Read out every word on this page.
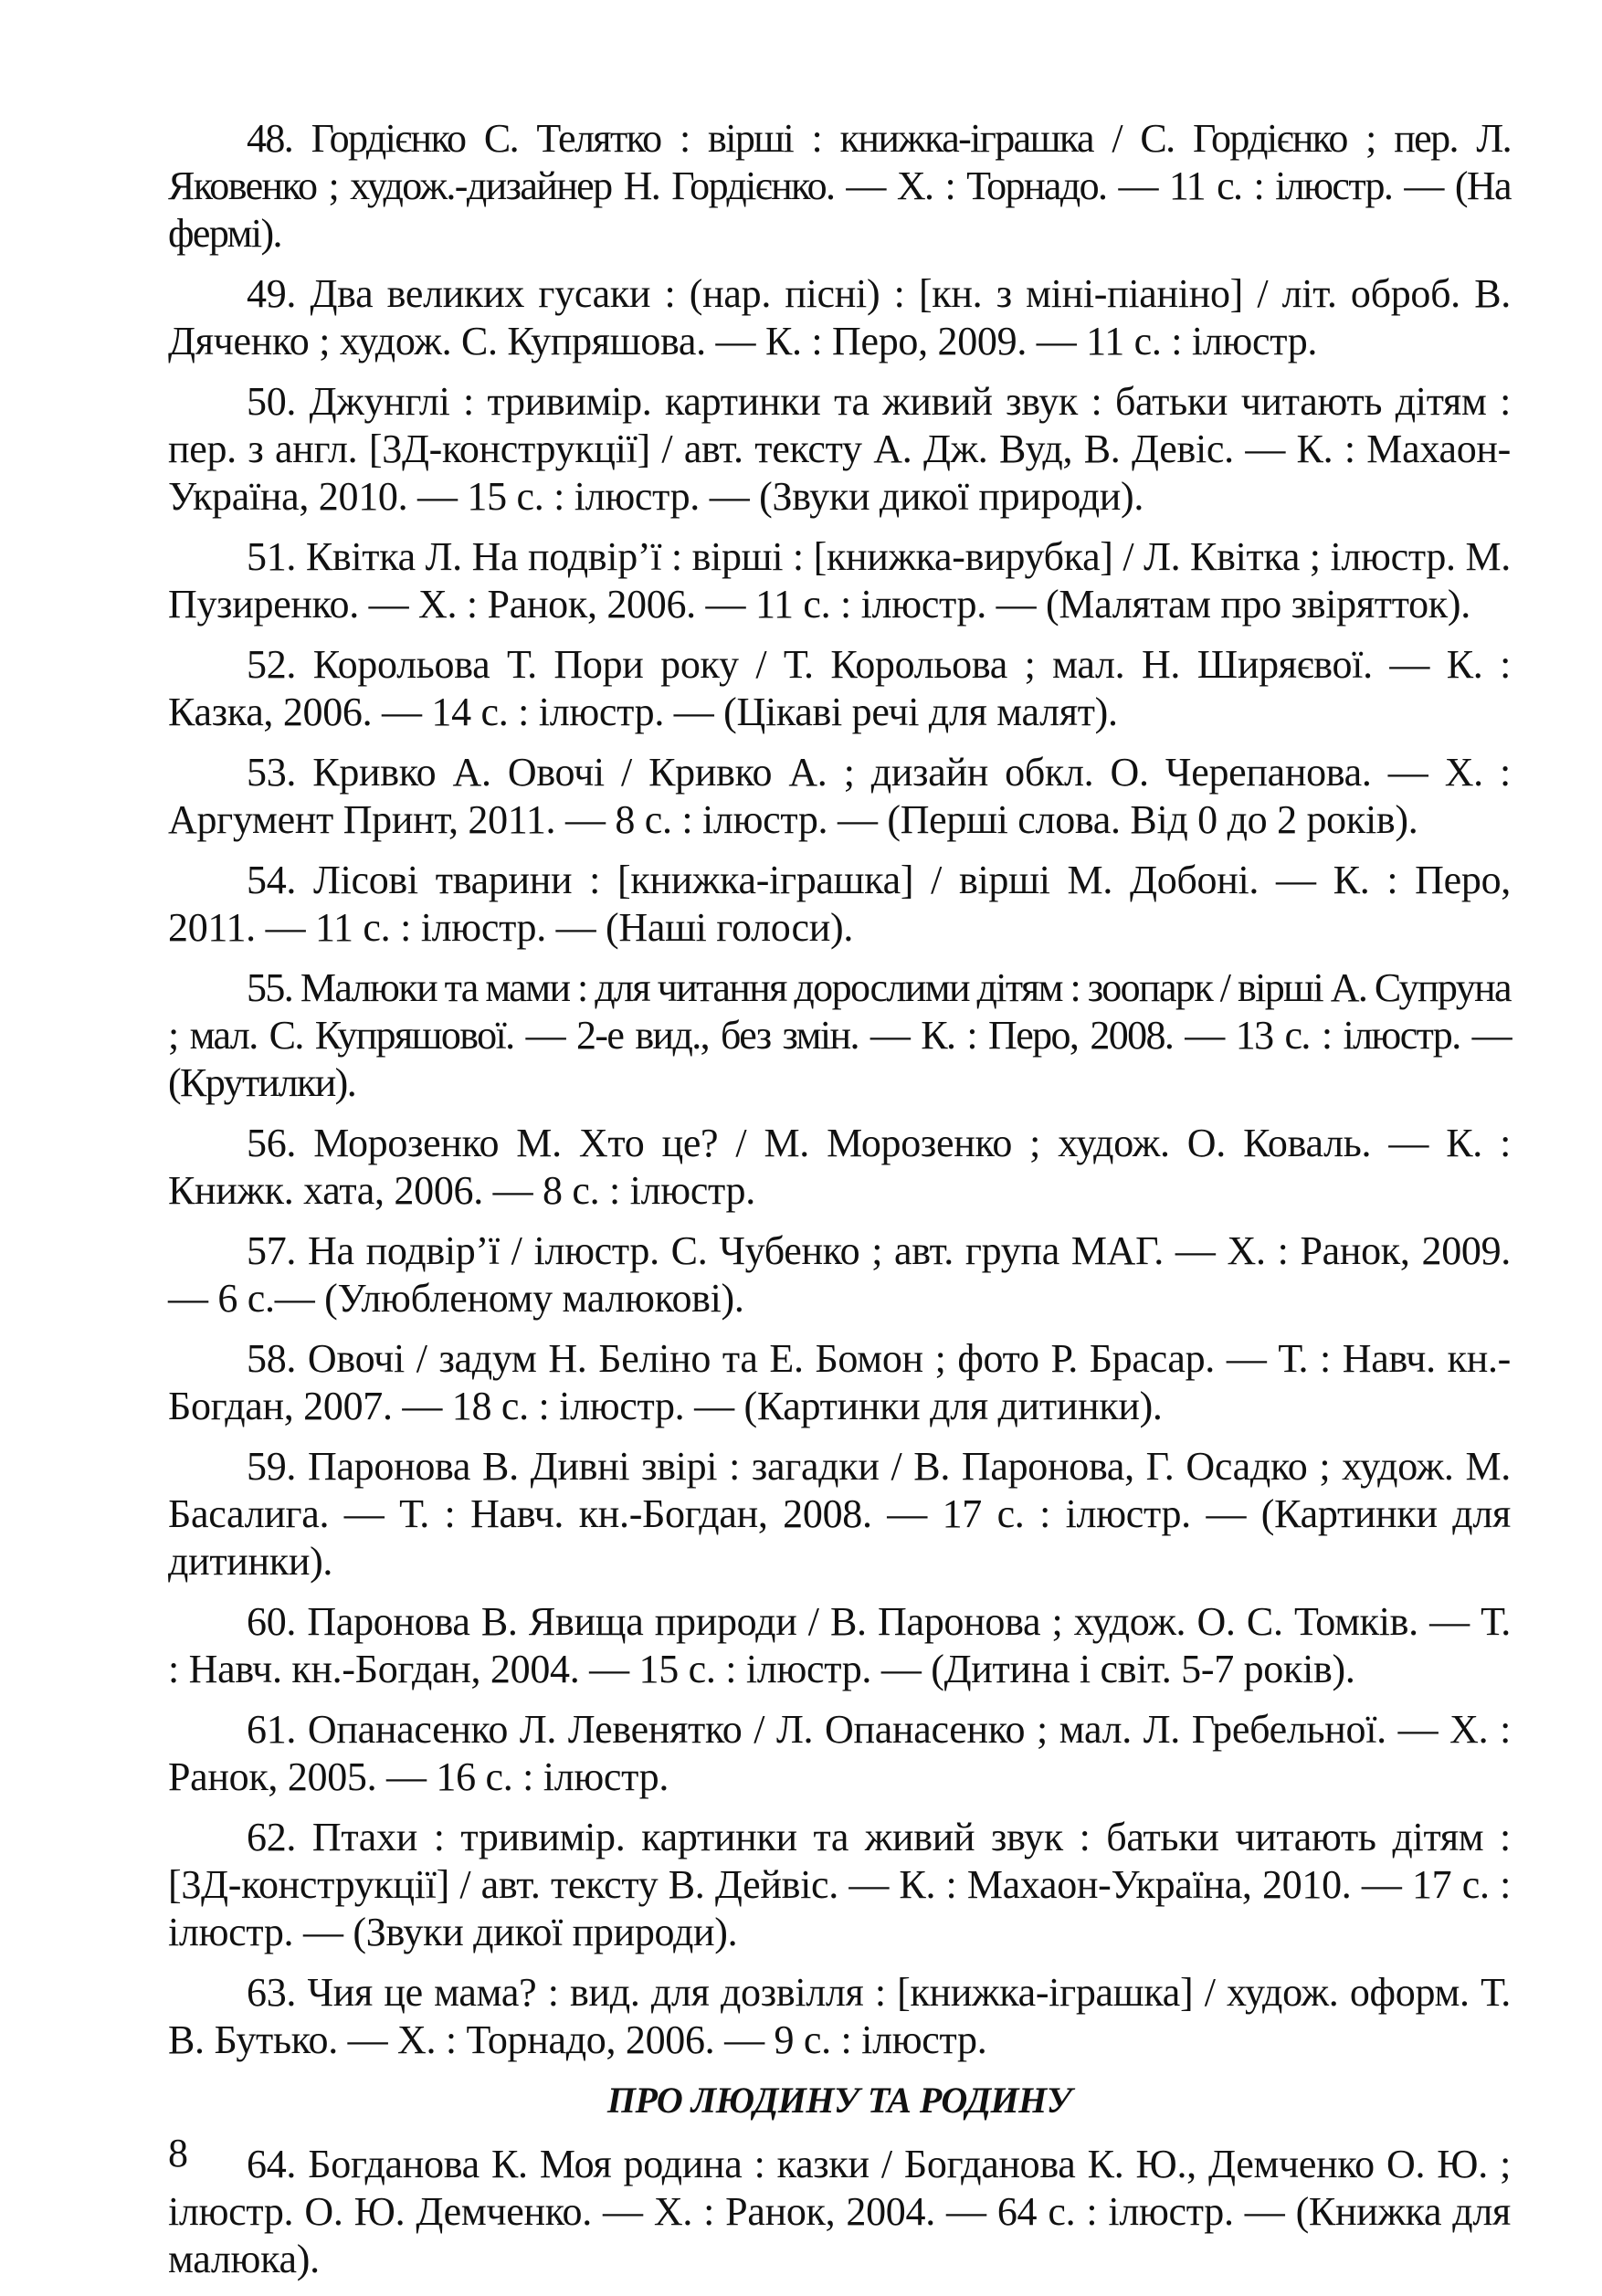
48. Гордієнко С. Телятко : вірші : книжка-іграшка / С. Гордієнко ; пер. Л. Яковенко ; худож.-дизайнер Н. Гордієнко. — Х. : Торнадо. — 11 с. : ілюстр. — (На фермі).

49. Два великих гусаки : (нар. пісні) : [кн. з міні-піаніно] / літ. оброб. В. Дяченко ; худож. С. Купряшова. — К. : Перо, 2009. — 11 с. : ілюстр.

50. Джунглі : тривимір. картинки та живий звук : батьки читають дітям : пер. з англ. [3Д-конструкції] / авт. тексту А. Дж. Вуд, В. Девіс. — К. : Махаон-Україна, 2010. — 15 с. : ілюстр. — (Звуки дикої природи).

51. Квітка Л. На подвір’ї : вірші : [книжка-вирубка] / Л. Квітка ; ілюстр. М. Пузиренко. — Х. : Ранок, 2006. — 11 с. : ілюстр. — (Малятам про звірятток).

52. Корольова Т. Пори року / Т. Корольова ; мал. Н. Ширяєвої. — К. : Казка, 2006. — 14 с. : ілюстр. — (Цікаві речі для малят).

53. Кривко А. Овочі / Кривко А. ; дизайн обкл. О. Черепанова. — Х. : Аргумент Принт, 2011. — 8 с. : ілюстр. — (Перші слова. Від 0 до 2 років).

54. Лісові тварини : [книжка-іграшка] / вірші М. Добоні. — К. : Перо, 2011. — 11 с. : ілюстр. — (Наші голоси).

55. Малюки та мами : для читання дорослими дітям : зоопарк / вірші А. Супруна ; мал. С. Купряшової. — 2-е вид., без змін. — К. : Перо, 2008. — 13 с. : ілюстр. — (Крутилки).

56. Морозенко М. Хто це? / М. Морозенко ; худож. О. Коваль. — К. : Книжк. хата, 2006. — 8 с. : ілюстр.

57. На подвір’ї / ілюстр. С. Чубенко ; авт. група МАГ. — Х. : Ранок, 2009. — 6 с.— (Улюбленому малюкові).

58. Овочі / задум Н. Беліно та Е. Бомон ; фото Р. Брасар. — Т. : Навч. кн.-Богдан, 2007. — 18 с. : ілюстр. — (Картинки для дитинки).

59. Паронова В. Дивні звірі : загадки / В. Паронова, Г. Осадко ; худож. М. Басалига. — Т. : Навч. кн.-Богдан, 2008. — 17 с. : ілюстр. — (Картинки для дитинки).

60. Паронова В. Явища природи / В. Паронова ; худож. О. С. Томків. — Т. : Навч. кн.-Богдан, 2004. — 15 с. : ілюстр. — (Дитина і світ. 5-7 років).

61. Опанасенко Л. Левенятко / Л. Опанасенко ; мал. Л. Гребельної. — Х. : Ранок, 2005. — 16 с. : ілюстр.

62. Птахи : тривимір. картинки та живий звук : батьки читають дітям : [3Д-конструкції] / авт. тексту В. Дейвіс. — К. : Махаон-Україна, 2010. — 17 с. : ілюстр. — (Звуки дикої природи).

63. Чия це мама? : вид. для дозвілля : [книжка-іграшка] / худож. оформ. Т. В. Бутько. — Х. : Торнадо, 2006. — 9 с. : ілюстр.

ПРО ЛЮДИНУ ТА РОДИНУ

64. Богданова К. Моя родина : казки / Богданова К. Ю., Демченко О. Ю. ; ілюстр. О. Ю. Демченко. — Х. : Ранок, 2004. — 64 с. : ілюстр. — (Книжка для малюка).

8
